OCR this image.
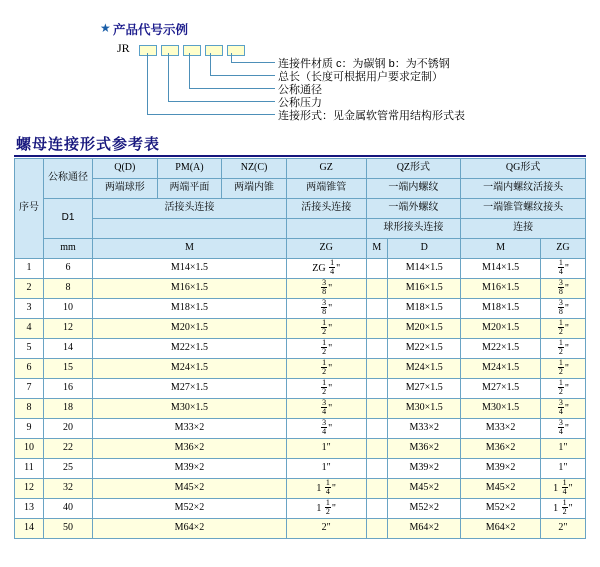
★ 产品代号示例
JR
连接件材质 c：为碳钢 b：为不锈钢
总长（长度可根据用户要求定制）
公称通径
公称压力
连接形式：见金属软管常用结构形式表
螺母连接形式参考表
序号	公称通径	Q(D)	PM(A)	NZ(C)	GZ	QZ形式		QG形式	
		两端球形	两端平面	两端内锥	两端锥管	一端内螺纹		一端内螺纹活接头	
	D1	活接头连接			活接头连接	一端外螺纹		一端锥管螺纹接头	
						球形接头连接		连接	
	mm	M			ZG	M	D	M	ZG
1	6	M14×1.5			ZG $\frac{1}{4}$ "		M14×1.5	M14×1.5	$\frac{1}{4}$ "
2	8	M16×1.5			$\frac{3}{8}$ "		M16×1.5	M16×1.5	$\frac{3}{8}$ "
3	10	M18×1.5			$\frac{3}{8}$ "		M18×1.5	M18×1.5	$\frac{3}{8}$ "
4	12	M20×1.5			$\frac{1}{2}$ "		M20×1.5	M20×1.5	$\frac{1}{2}$ "
5	14	M22×1.5			$\frac{1}{2}$ "		M22×1.5	M22×1.5	$\frac{1}{2}$ "
6	15	M24×1.5			$\frac{1}{2}$ "		M24×1.5	M24×1.5	$\frac{1}{2}$ "
7	16	M27×1.5			$\frac{1}{2}$ "		M27×1.5	M27×1.5	$\frac{1}{2}$ "
8	18	M30×1.5			$\frac{3}{4}$ "		M30×1.5	M30×1.5	$\frac{3}{4}$ "
9	20	M33×2			$\frac{3}{4}$ "		M33×2	M33×2	$\frac{3}{4}$ "
10	22	M36×2			1"		M36×2	M36×2	1"
11	25	M39×2			1"		M39×2	M39×2	1"
12	32	M45×2			$1 \frac{1}{4}$ "		M45×2	M45×2	$1 \frac{1}{4}$ "
13	40	M52×2			$1 \frac{1}{2}$ "		M52×2	M52×2	$1 \frac{1}{2}$ "
14	50	M64×2			2"		M64×2	M64×2	2"
